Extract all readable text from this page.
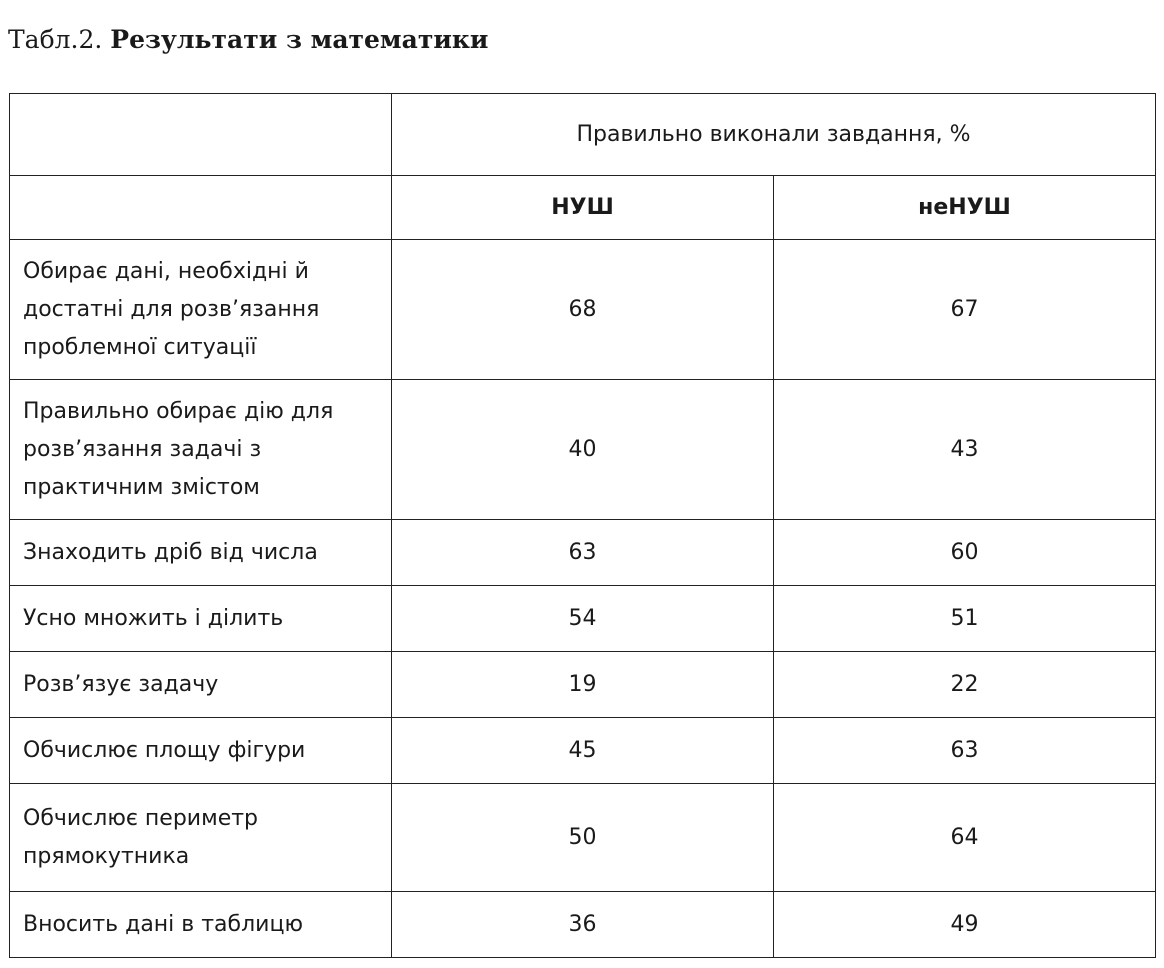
Табл.2. Результати з математики
	Правильно виконали завдання, %	
	НУШ	неНУШ
Обирає дані, необхідні й достатні для розв’язання проблемної ситуації	68	67
Правильно обирає дію для розв’язання задачі з практичним змістом	40	43
Знаходить дріб від числа	63	60
Усно множить і ділить	54	51
Розв’язує задачу	19	22
Обчислює площу фігури	45	63
Обчислює периметр прямокутника	50	64
Вносить дані в таблицю	36	49
